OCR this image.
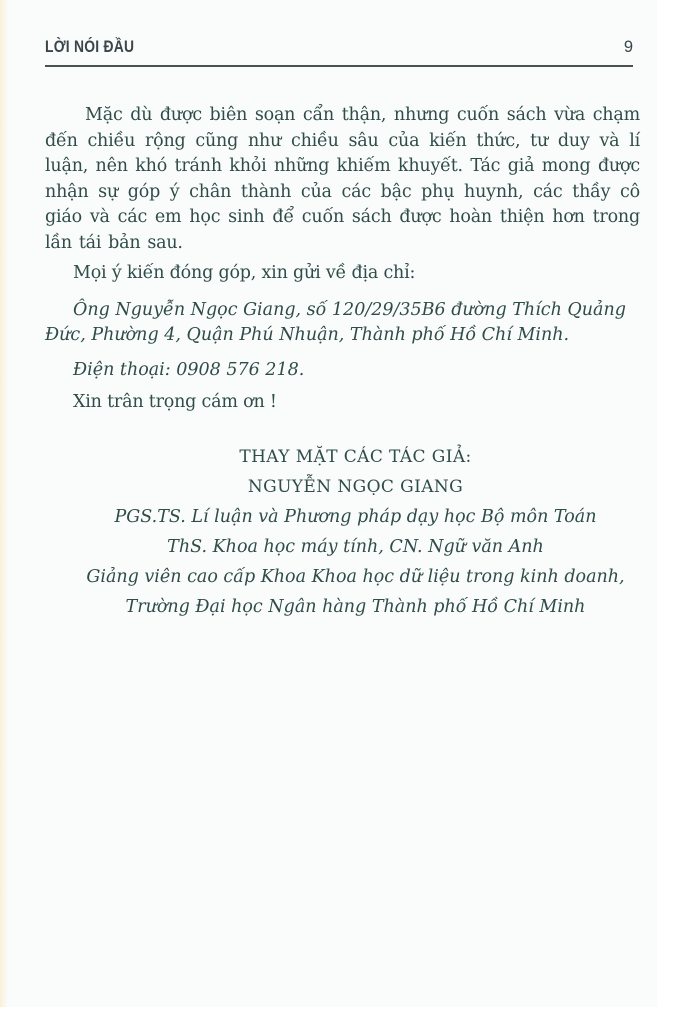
LỜI NÓI ĐẦU	9

Mặc dù được biên soạn cẩn thận, nhưng cuốn sách vừa chạm đến chiều rộng cũng như chiều sâu của kiến thức, tư duy và lí luận, nên khó tránh khỏi những khiếm khuyết. Tác giả mong được nhận sự góp ý chân thành của các bậc phụ huynh, các thầy cô giáo và các em học sinh để cuốn sách được hoàn thiện hơn trong lần tái bản sau.

Mọi ý kiến đóng góp, xin gửi về địa chỉ:

Ông Nguyễn Ngọc Giang, số 120/29/35B6 đường Thích Quảng Đức, Phường 4, Quận Phú Nhuận, Thành phố Hồ Chí Minh.

Điện thoại: 0908 576 218.

Xin trân trọng cám ơn !

THAY MẶT CÁC TÁC GIẢ:
NGUYỄN NGỌC GIANG
PGS.TS. Lí luận và Phương pháp dạy học Bộ môn Toán
ThS. Khoa học máy tính, CN. Ngữ văn Anh
Giảng viên cao cấp Khoa Khoa học dữ liệu trong kinh doanh,
Trường Đại học Ngân hàng Thành phố Hồ Chí Minh
